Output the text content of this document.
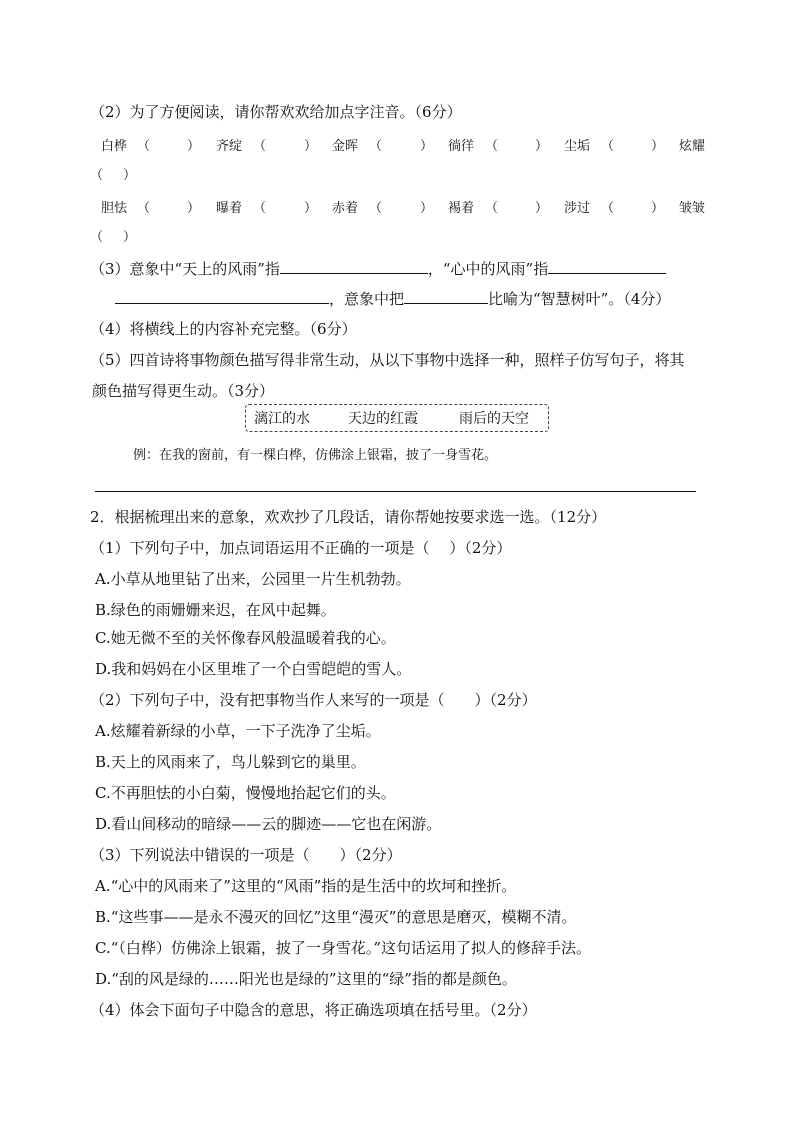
（2）为了方便阅读，请你帮欢欢给加点字注音。（6分）
白桦 （	） 齐绽 （	） 金晖 （	） 徜徉 （	） 尘垢 （	） 炫耀
（ ）
胆怯 （	） 曝着 （	） 赤着 （	） 裼着 （	） 涉过 （	） 皱皱
（ ）
（3）意象中“天上的风雨”指	，“心中的风雨”指
，意象中把	比喻为“智慧树叶”。（4分）
（4）将横线上的内容补充完整。（6分）
（5）四首诗将事物颜色描写得非常生动，从以下事物中选择一种，照样子仿写句子，将其
颜色描写得更生动。（3分）
漓江的水	天边的红霞	雨后的天空
例：在我的窗前，有一棵白桦，仿佛涂上银霜，披了一身雪花。
2．根据梳理出来的意象，欢欢抄了几段话，请你帮她按要求选一选。（12分）
（1）下列句子中，加点词语运用不正确的一项是（　 ）（2分）
A.小草从地里钻了出来，公园里一片生机勃勃。
B.绿色的雨姗姗来迟，在风中起舞。
C.她无微不至的关怀像春风般温暖着我的心。
D.我和妈妈在小区里堆了一个白雪皑皑的雪人。
（2）下列句子中，没有把事物当作人来写的一项是（　　）（2分）
A.炫耀着新绿的小草，一下子洗净了尘垢。
B.天上的风雨来了，鸟儿躲到它的巢里。
C.不再胆怯的小白菊，慢慢地抬起它们的头。
D.看山间移动的暗绿——云的脚迹——它也在闲游。
（3）下列说法中错误的一项是（　　）（2分）
A.“心中的风雨来了”这里的“风雨”指的是生活中的坎坷和挫折。
B.“这些事——是永不漫灭的回忆”这里“漫灭”的意思是磨灭，模糊不清。
C.“（白桦）仿佛涂上银霜，披了一身雪花。”这句话运用了拟人的修辞手法。
D.“刮的风是绿的……阳光也是绿的”这里的“绿”指的都是颜色。
（4）体会下面句子中隐含的意思，将正确选项填在括号里。（2分）
